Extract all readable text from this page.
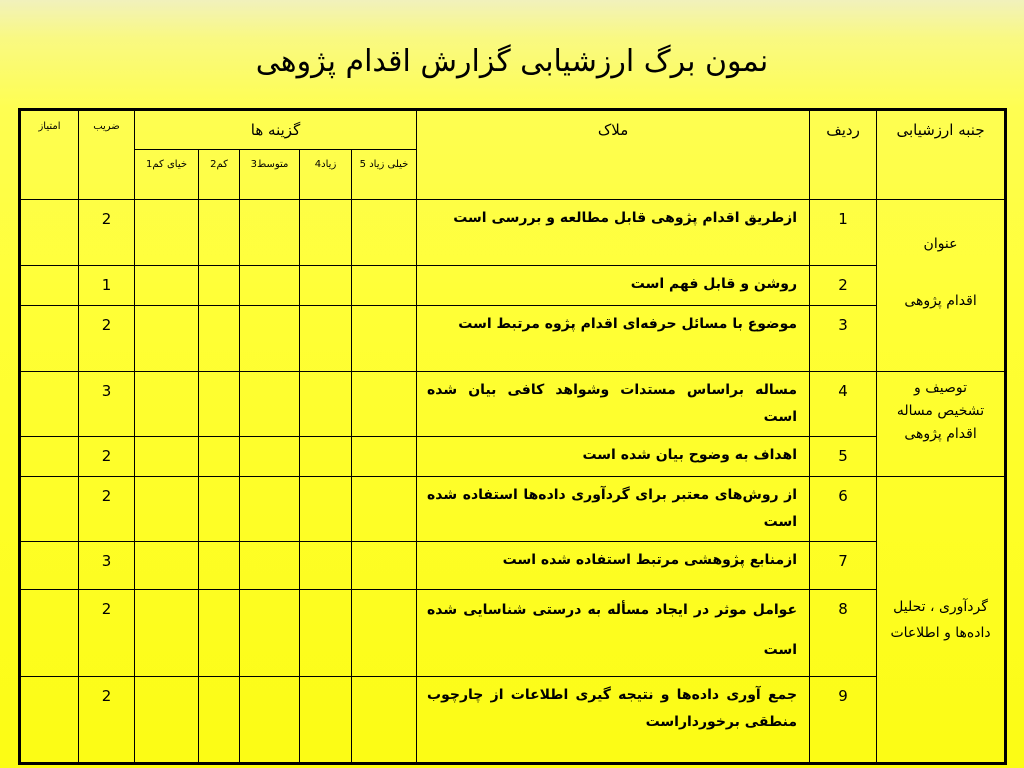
نمون برگ ارزشیابی گزارش اقدام پژوهی
جنبه ارزشیابی	ردیف	ملاک	گزینه ها					ضریب	امتیاز
			خیلی زیاد 5	زیاد4	متوسط3	کم2	خیای کم1		

عنوان
اقدام پژوهی	1	ازطریق اقدام پژوهی قابل مطالعه و بررسی است						2	
	2	روشن و قابل فهم است						1	
	3	موضوع با مسائل حرفه‌ای اقدام پژوه مرتبط است						2	

توصیف و
تشخیص مساله
اقدام پژوهی	4	مساله براساس مستدات وشواهد کافی بیان شده است						3	
	5	اهداف به وضوح بیان شده است						2	

گردآوری ، تحلیل
داده‌ها و اطلاعات	6	از روش‌های معتبر برای گردآوری داده‌ها استفاده شده است						2	
	7	ازمنابع پژوهشی مرتبط استفاده شده است						3	
	8	عوامل موثر در ایجاد مسأله به درستی شناسایی شده است						2	
	9	جمع آوری داده‌ها و نتیجه گیری اطلاعات از چارچوب منطقی برخورداراست						2	
